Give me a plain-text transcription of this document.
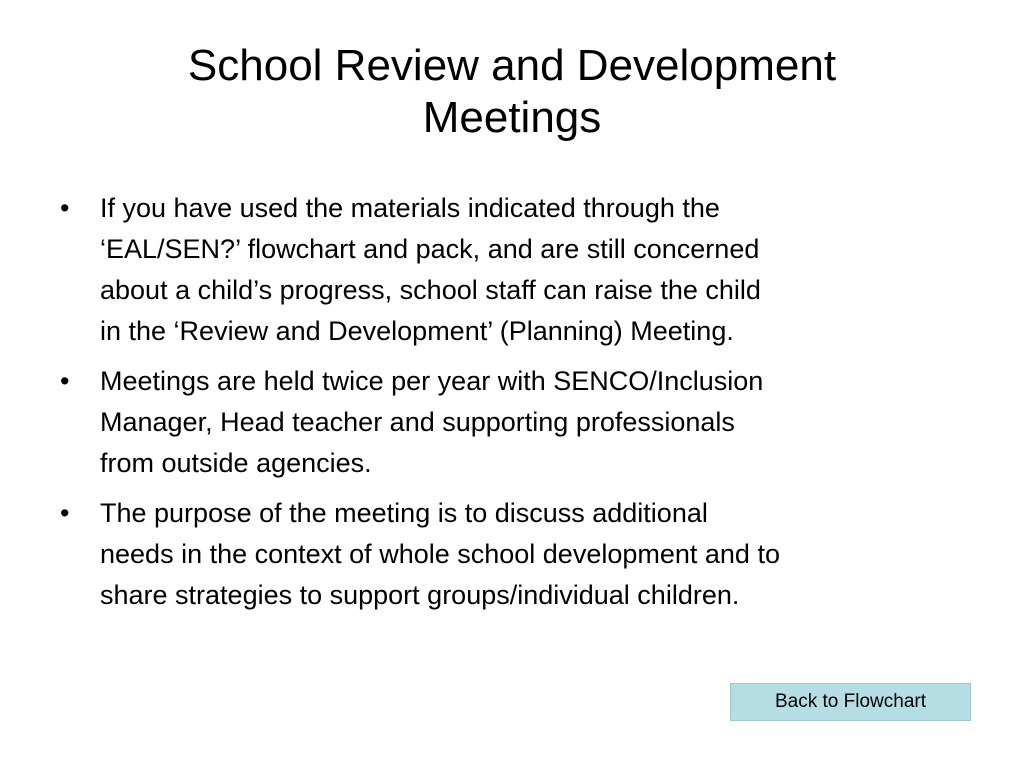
School Review and Development
Meetings
• If you have used the materials indicated through the
‘EAL/SEN?’ flowchart and pack, and are still concerned
about a child’s progress, school staff can raise the child
in the ‘Review and Development’ (Planning) Meeting.
• Meetings are held twice per year with SENCO/Inclusion
Manager, Head teacher and supporting professionals
from outside agencies.
• The purpose of the meeting is to discuss additional
needs in the context of whole school development and to
share strategies to support groups/individual children.
Back to Flowchart
